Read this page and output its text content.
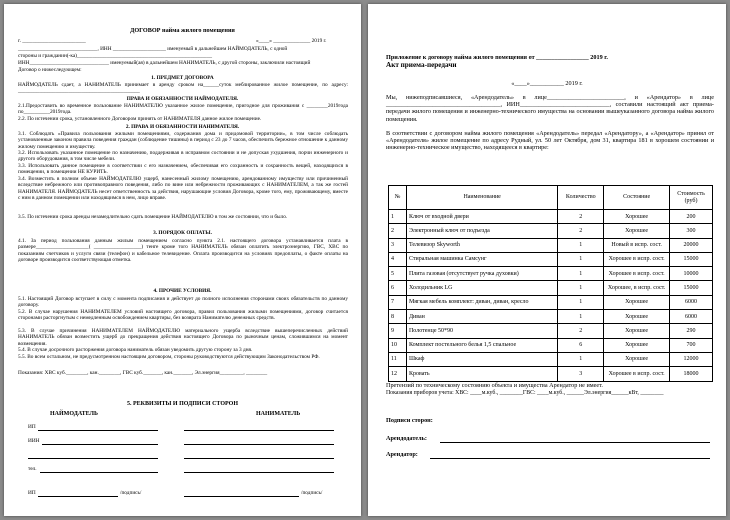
ДОГОВОР найма жилого помещения
г. ________________________	«____» ______________ 2019 г.
______________________________, ИНН ____________________ именуемый в дальнейшем НАЙМОДАТЕЛЬ, с одной
стороны и гражданин(-ка)___________________________________________________
ИНН______________________________ именуемый(ая) в дальнейшем НАНИМАТЕЛЬ, с другой стороны, заключили настоящий
Договор о нижеследующем:
1. ПРЕДМЕТ ДОГОВОРА
НАЙМОДАТЕЛЬ сдает, а НАНИМАТЕЛЬ принимает в аренду сроком на______суток меблированное жилое помещение, по адресу: ______________________________________________
ПРАВА И ОБЯЗАННОСТИ НАЙМОДАТЕЛЯ.
2.1.Предоставить во временное пользование НАНИМАТЕЛЮ указанное жилое помещение, пригодное для проживания с ________2019года по__________2019года.
2.2. По истечении срока, установленного Договором принять от НАНИМАТЕЛЯ данное жилое помещение.
2. ПРАВА И ОБЯЗАННОСТИ НАНИМАТЕЛЯ.
3.1. Соблюдать «Правила пользования жилыми помещениями, содержания дома и придомовой территории», в том числе соблюдать установленные законом правила поведения граждан (соблюдение тишины) в период с 23 до 7 часов, обеспечить бережное отношение к данному жилому помещению и имуществу.
3.2. Использовать указанное помещение по назначению, поддерживая в исправном состоянии и не допуская ухудшения, порчи инженерного и другого оборудования, в том числе мебели.
3.3. Использовать данное помещение в соответствии с его назначением, обеспечивая его сохранность и сохранность вещей, находящихся в помещении, в помещении НЕ КУРИТЬ.
3.4. Возместить в полном объеме НАЙМОДАТЕЛЮ ущерб, нанесенный жилому помещению, арендованному имуществу или причиненный вследствие небрежного или противоправного поведения, либо по вине или небрежности проживающих с НАНИМАТЕЛЕМ, а так же гостей НАНИМАТЕЛЯ. НАЙМОДАТЕЛЬ несет ответственность за действия, нарушающие условия Договора, кроме того, ему, проживающему, вместе с ним в данном помещении или находящимся в нем, лицо вправе.
3.5. По истечении срока аренды незамедлительно сдать помещение НАЙМОДАТЕЛЮ в том же состоянии, что и было.
3. ПОРЯДОК ОПЛАТЫ.
4.1. За период пользования данным жилым помещением согласно пункта 2.1. настоящего договора устанавливается плата в размере____________________( __________________) тенге кроме того НАНИМАТЕЛЬ обязан оплатить электроэнергию, ГВС, ХВС по показаниям счетчиков и услуги связи (телефон) и кабельное телевидение. Оплата производится на условиях предоплаты, о факте оплаты на договоре производится соответствующая отметка.
4. ПРОЧИЕ УСЛОВИЯ.
5.1. Настоящий Договор вступает в силу с момента подписания и действует до полного исполнения сторонами своих обязательств по данному договору.
5.2. В случае нарушения НАНИМАТЕЛЕМ условий настоящего договора, правил пользования жилыми помещениями, договор считается сторонами расторгнутым с немедленным освобождением квартиры, без возврата Нанимателю денежных средств.
5.3. В случае причинения НАНИМАТЕЛЕМ НАЙМОДАТЕЛЮ материального ущерба вследствие вышеперечисленных действий НАНИМАТЕЛЬ обязан возместить ущерб до прекращения действия настоящего Договора по рыночным ценам, сложившимся на момент возмещения.
5.4. В случае досрочного расторжения договора наниматель обязан уведомить другую сторону за 3 дня.
5.5. Во всем остальном, не предусмотренном настоящим договором, стороны руководствуются действующим Законодательством РФ.
Показания: ХВС куб.________, кан.________, ГВС куб._______, кан._______, Эл.энергия_________, ________
5. РЕКВИЗИТЫ И ПОДПИСИ СТОРОН
НАЙМОДАТЕЛЬ	НАНИМАТЕЛЬ
ИП
ИИН
тел.
ИП	/подпись/	/подпись/
Приложение к договору найма жилого помещения от _________________ 2019 г.
Акт приема-передачи
«____»___________ 2019 г.
Мы, нижеподписавшиеся, «Арендодатель» в лице_________________________, и «Арендатор» в лице _____________________________________, ИИН_____________________________, составили настоящий акт приема-передачи жилого помещения и инженерно-технического имущества на основании вышеуказанного договора найма жилого помещения.
В соответствии с договором найма жилого помещения «Арендодатель» передал «Арендатору», а «Арендатор» принял от «Арендодателя» жилое помещение по адресу Рудный, ул. 50 лет Октября, дом 31, квартира 181 в хорошем состоянии и инженерно-техническое имущество, находящееся в квартире:
№	Наименование	Количество	Состояние	Стоимость (руб)
1	Ключ от входной двери	2	Хорошее	200
2	Электронный ключ от подъезда	2	Хорошее	300
3	Телевизор Skyworth	1	Новый в испр. сост.	20000
4	Стиральная машинка Самсунг	1	Хорошее в испр. сост.	15000
5	Плита газовая (отсутствует ручка духовки)	1	Хорошее в испр. сост.	10000
6	Холодильник LG	1	Хорошее, в испр. сост.	15000
7	Мягкая мебель комплект: диван, диван, кресло	1	Хорошее	6000
8	Диван	1	Хорошее	6000
9	Полотенце 50*90	2	Хорошее	290
10	Комплект постельного белья 1,5 спальное	6	Хорошее	700
11	Шкаф	1	Хорошее	12000
12	Кровать	3	Хорошее в испр. сост.	18000
Претензий по техническому состоянию объекта и имущества Арендатор не имеет.
Показания приборов учета: ХВС: ____м.куб., ________ГВС: ____м.куб., ______Эл.энергия______кВт, ________
Подписи сторон:
Арендодатель:
Арендатор:
